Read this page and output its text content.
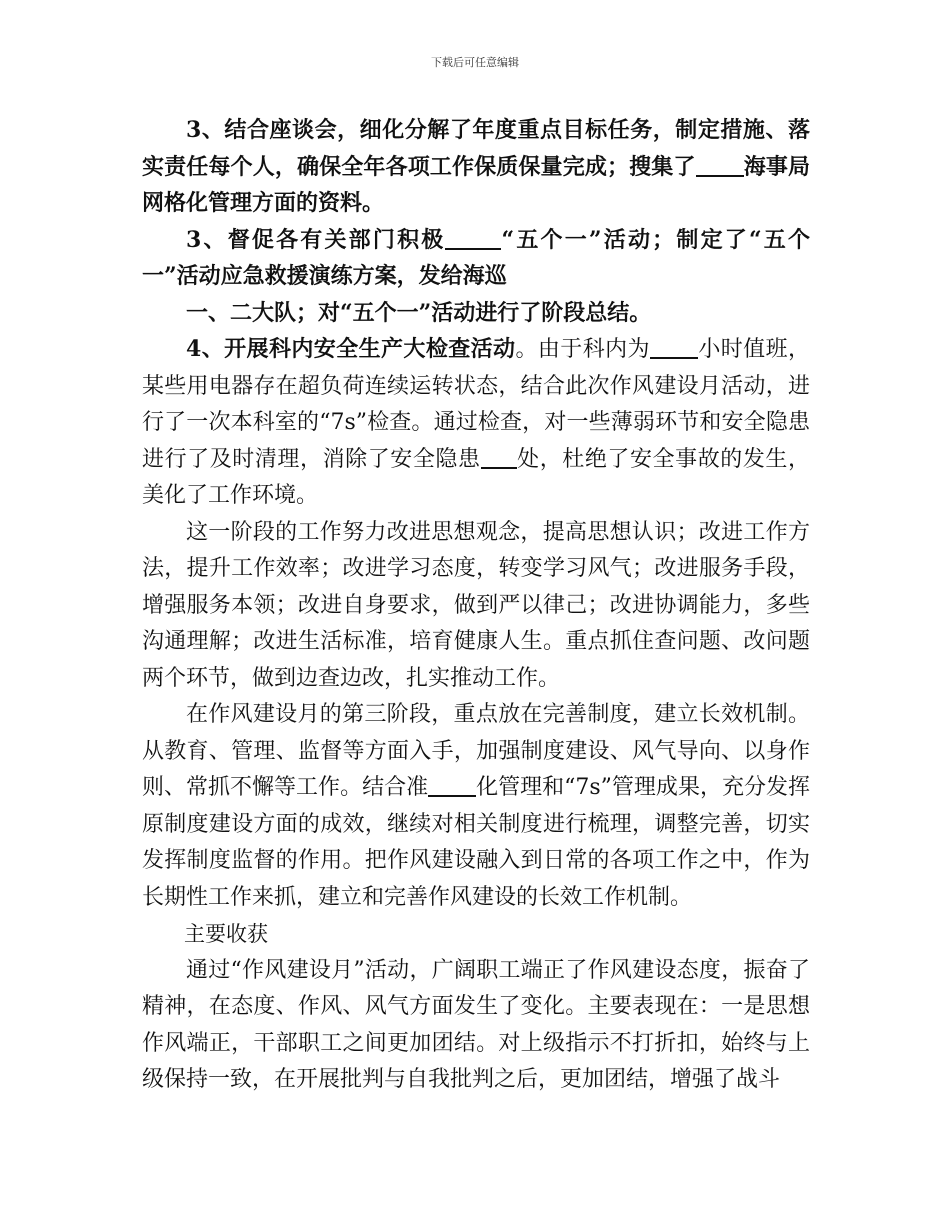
下载后可任意编辑

3、结合座谈会，细化分解了年度重点目标任务，制定措施、落实责任每个人，确保全年各项工作保质保量完成；搜集了 海事局网格化管理方面的资料。

3、督促各有关部门积极	“五个一”活动；制定了“五个一”活动应急救援演练方案，发给海巡

一、二大队；对“五个一”活动进行了阶段总结。

4、开展科内安全生产大检查活动。由于科内为 小时值班，某些用电器存在超负荷连续运转状态，结合此次作风建设月活动，进行了一次本科室的“7s”检查。通过检查，对一些薄弱环节和安全隐患进行了及时清理，消除了安全隐患 处，杜绝了安全事故的发生，美化了工作环境。

这一阶段的工作努力改进思想观念，提高思想认识；改进工作方法，提升工作效率；改进学习态度，转变学习风气；改进服务手段，增强服务本领；改进自身要求，做到严以律己；改进协调能力，多些沟通理解；改进生活标准，培育健康人生。重点抓住查问题、改问题两个环节，做到边查边改，扎实推动工作。

在作风建设月的第三阶段，重点放在完善制度，建立长效机制。从教育、管理、监督等方面入手，加强制度建设、风气导向、以身作则、常抓不懈等工作。结合准 化管理和“7s”管理成果，充分发挥原制度建设方面的成效，继续对相关制度进行梳理，调整完善，切实发挥制度监督的作用。把作风建设融入到日常的各项工作之中，作为长期性工作来抓，建立和完善作风建设的长效工作机制。

主要收获

通过“作风建设月”活动，广阔职工端正了作风建设态度，振奋了精神，在态度、作风、风气方面发生了变化。主要表现在：一是思想作风端正，干部职工之间更加团结。对上级指示不打折扣，始终与上级保持一致，在开展批判与自我批判之后，更加团结，增强了战斗
